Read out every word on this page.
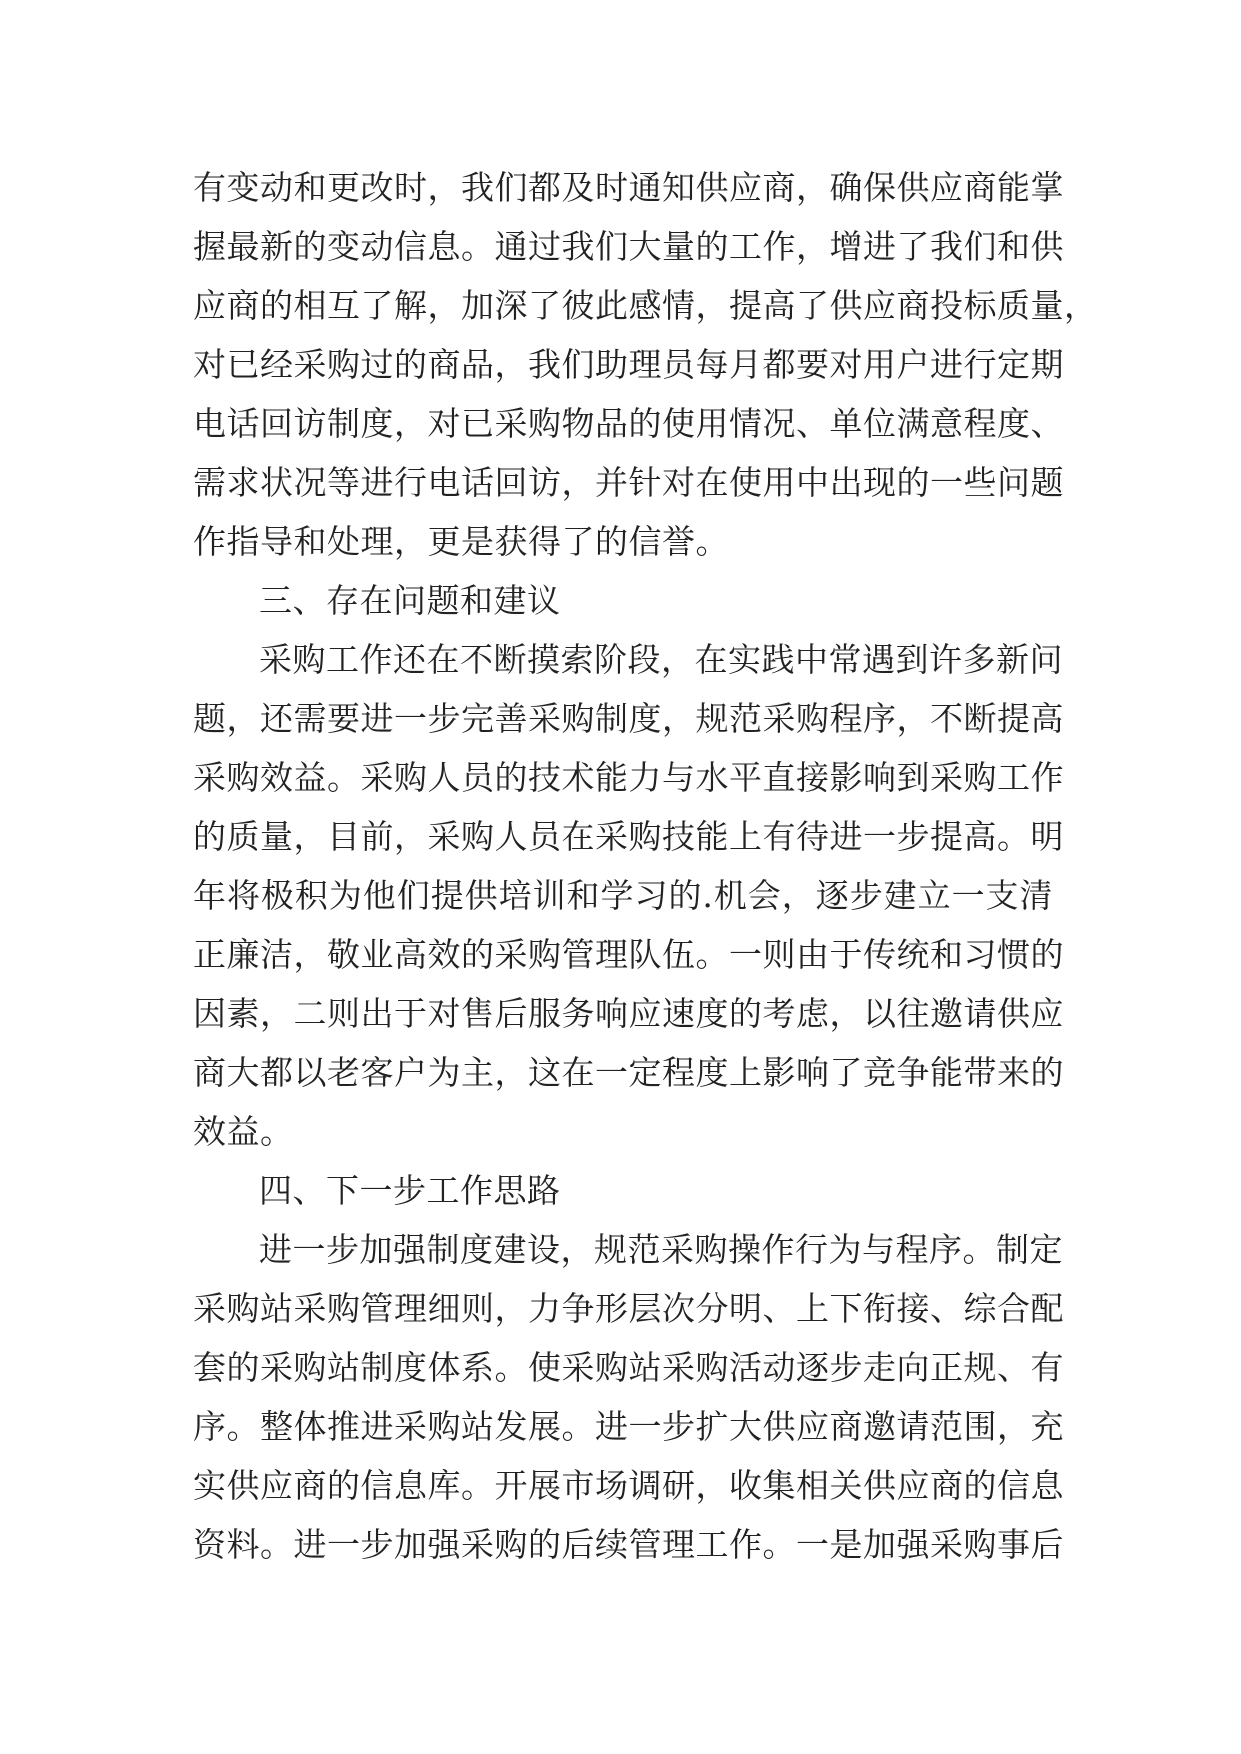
有变动和更改时，我们都及时通知供应商，确保供应商能掌
握最新的变动信息。通过我们大量的工作，增进了我们和供
应商的相互了解，加深了彼此感情，提高了供应商投标质量，
对已经采购过的商品，我们助理员每月都要对用户进行定期
电话回访制度，对已采购物品的使用情况、单位满意程度、
需求状况等进行电话回访，并针对在使用中出现的一些问题
作指导和处理，更是获得了的信誉。
三、存在问题和建议
采购工作还在不断摸索阶段，在实践中常遇到许多新问
题，还需要进一步完善采购制度，规范采购程序，不断提高
采购效益。采购人员的技术能力与水平直接影响到采购工作
的质量，目前，采购人员在采购技能上有待进一步提高。明
年将极积为他们提供培训和学习的.机会，逐步建立一支清
正廉洁，敬业高效的采购管理队伍。一则由于传统和习惯的
因素，二则出于对售后服务响应速度的考虑，以往邀请供应
商大都以老客户为主，这在一定程度上影响了竞争能带来的
效益。
四、下一步工作思路
进一步加强制度建设，规范采购操作行为与程序。制定
采购站采购管理细则，力争形层次分明、上下衔接、综合配
套的采购站制度体系。使采购站采购活动逐步走向正规、有
序。整体推进采购站发展。进一步扩大供应商邀请范围，充
实供应商的信息库。开展市场调研，收集相关供应商的信息
资料。进一步加强采购的后续管理工作。一是加强采购事后
